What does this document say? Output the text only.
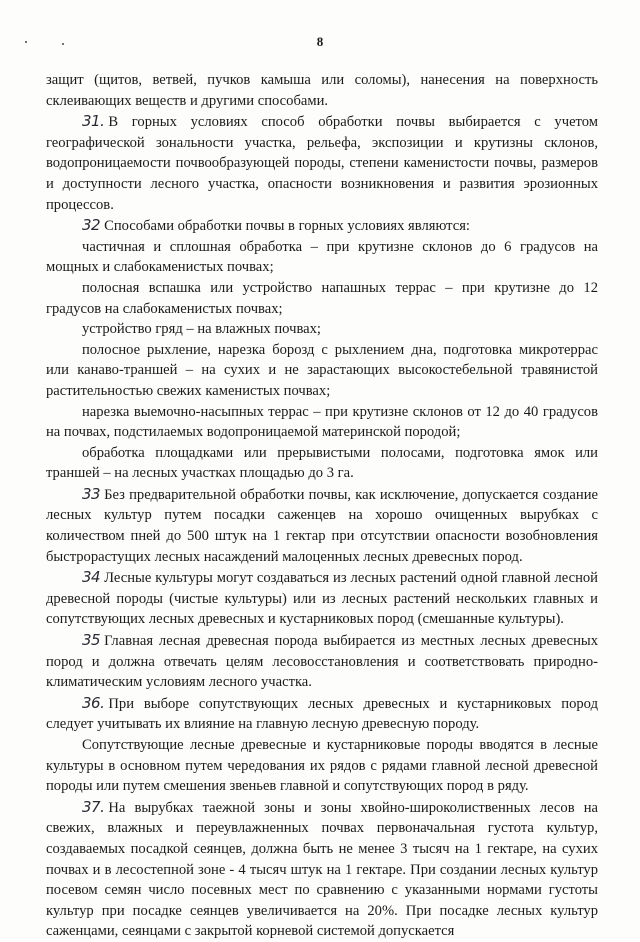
8

защит (щитов, ветвей, пучков камыша или соломы), нанесения на поверхность склеивающих веществ и другими способами.

31. В горных условиях способ обработки почвы выбирается с учетом географической зональности участка, рельефа, экспозиции и крутизны склонов, водопроницаемости почвообразующей породы, степени каменистости почвы, размеров и доступности лесного участка, опасности возникновения и развития эрозионных процессов.

32 Способами обработки почвы в горных условиях являются:

частичная и сплошная обработка – при крутизне склонов до 6 градусов на мощных и слабокаменистых почвах;

полосная вспашка или устройство напашных террас – при крутизне до 12 градусов на слабокаменистых почвах;

устройство гряд – на влажных почвах;

полосное рыхление, нарезка борозд с рыхлением дна, подготовка микротеррас или канаво-траншей – на сухих и не зарастающих высокостебельной травянистой растительностью свежих каменистых почвах;

нарезка выемочно-насыпных террас – при крутизне склонов от 12 до 40 градусов на почвах, подстилаемых водопроницаемой материнской породой;

обработка площадками или прерывистыми полосами, подготовка ямок или траншей – на лесных участках площадью до 3 га.

33 Без предварительной обработки почвы, как исключение, допускается создание лесных культур путем посадки саженцев на хорошо очищенных вырубках с количеством пней до 500 штук на 1 гектар при отсутствии опасности возобновления быстрорастущих лесных насаждений малоценных лесных древесных пород.

34 Лесные культуры могут создаваться из лесных растений одной главной лесной древесной породы (чистые культуры) или из лесных растений нескольких главных и сопутствующих лесных древесных и кустарниковых пород (смешанные культуры).

35 Главная лесная древесная порода выбирается из местных лесных древесных пород и должна отвечать целям лесовосстановления и соответствовать природно-климатическим условиям лесного участка.

36. При выборе сопутствующих лесных древесных и кустарниковых пород следует учитывать их влияние на главную лесную древесную породу.

Сопутствующие лесные древесные и кустарниковые породы вводятся в лесные культуры в основном путем чередования их рядов с рядами главной лесной древесной породы или путем смешения звеньев главной и сопутствующих пород в ряду.

37. На вырубках таежной зоны и зоны хвойно-широколиственных лесов на свежих, влажных и переувлажненных почвах первоначальная густота культур, создаваемых посадкой сеянцев, должна быть не менее 3 тысяч на 1 гектаре, на сухих почвах и в лесостепной зоне - 4 тысяч штук на 1 гектаре. При создании лесных культур посевом семян число посевных мест по сравнению с указанными нормами густоты культур при посадке сеянцев увеличивается на 20%. При посадке лесных культур саженцами, сеянцами с закрытой корневой системой допускается
